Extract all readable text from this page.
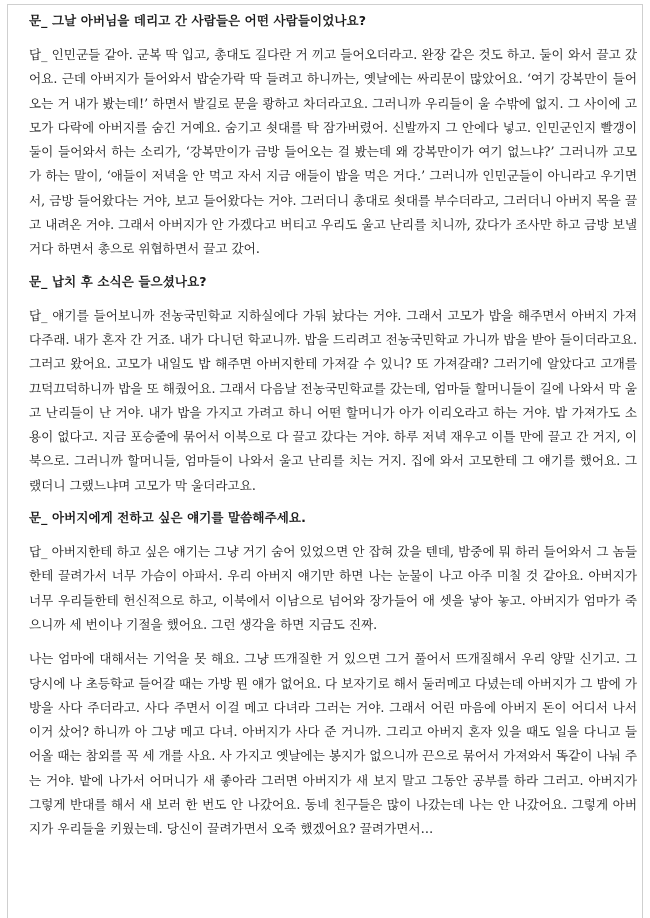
문_ 그날 아버님을 데리고 간 사람들은 어떤 사람들이었나요?

답_ 인민군들 같아. 군복 딱 입고, 총대도 길다란 거 끼고 들어오더라고. 완장 같은 것도 하고. 둘이 와서 끌고 갔어요. 근데 아버지가 들어와서 밥숟가락 딱 들려고 하니까는, 옛날에는 싸리문이 많았어요. ‘여기 강복만이 들어오는 거 내가 봤는데!’ 하면서 발길로 문을 쾅하고 차더라고요. 그러니까 우리들이 울 수밖에 없지. 그 사이에 고모가 다락에 아버지를 숨긴 거예요. 숨기고 쇳대를 탁 잠가버렸어. 신발까지 그 안에다 넣고. 인민군인지 빨갱이 둘이 들어와서 하는 소리가, ‘강복만이가 금방 들어오는 걸 봤는데 왜 강복만이가 여기 없느냐?’ 그러니까 고모가 하는 말이, ‘애들이 저녁을 안 먹고 자서 지금 애들이 밥을 먹은 거다.’ 그러니까 인민군들이 아니라고 우기면서, 금방 들어왔다는 거야, 보고 들어왔다는 거야. 그러더니 총대로 쇳대를 부수더라고, 그러더니 아버지 목을 끌고 내려온 거야. 그래서 아버지가 안 가겠다고 버티고 우리도 울고 난리를 치니까, 갔다가 조사만 하고 금방 보낼 거다 하면서 총으로 위협하면서 끌고 갔어.

문_ 납치 후 소식은 들으셨나요?

답_ 얘기를 들어보니까 전농국민학교 지하실에다 가둬 놨다는 거야. 그래서 고모가 밥을 해주면서 아버지 가져다주래. 내가 혼자 간 거죠. 내가 다니던 학교니까. 밥을 드리려고 전농국민학교 가니까 밥을 받아 들이더라고요. 그러고 왔어요. 고모가 내일도 밥 해주면 아버지한테 가져갈 수 있니? 또 가져갈래? 그러기에 알았다고 고개를 끄덕끄덕하니까 밥을 또 해줬어요. 그래서 다음날 전농국민학교를 갔는데, 엄마들 할머니들이 길에 나와서 막 울고 난리들이 난 거야. 내가 밥을 가지고 가려고 하니 어떤 할머니가 아가 이리오라고 하는 거야. 밥 가져가도 소용이 없다고. 지금 포승줄에 묶어서 이북으로 다 끌고 갔다는 거야. 하루 저녁 재우고 이틀 만에 끌고 간 거지, 이북으로. 그러니까 할머니들, 엄마들이 나와서 울고 난리를 치는 거지. 집에 와서 고모한테 그 얘기를 했어요. 그랬더니 그랬느냐며 고모가 막 울더라고요.

문_ 아버지에게 전하고 싶은 얘기를 말씀해주세요.

답_ 아버지한테 하고 싶은 얘기는 그냥 거기 숨어 있었으면 안 잡혀 갔을 텐데, 밤중에 뭐 하러 들어와서 그 놈들한테 끌려가서 너무 가슴이 아파서. 우리 아버지 얘기만 하면 나는 눈물이 나고 아주 미칠 것 같아요. 아버지가 너무 우리들한테 헌신적으로 하고, 이북에서 이남으로 넘어와 장가들어 애 셋을 낳아 놓고. 아버지가 엄마가 죽으니까 세 번이나 기절을 했어요. 그런 생각을 하면 지금도 진짜.

나는 엄마에 대해서는 기억을 못 해요. 그냥 뜨개질한 거 있으면 그거 풀어서 뜨개질해서 우리 양말 신기고. 그 당시에 나 초등학교 들어갈 때는 가방 뭔 얘가 없어요. 다 보자기로 해서 둘러메고 다녔는데 아버지가 그 밤에 가방을 사다 주더라고. 사다 주면서 이걸 메고 다녀라 그러는 거야. 그래서 어린 마음에 아버지 돈이 어디서 나서 이거 샀어? 하니까 아 그냥 메고 다녀. 아버지가 사다 준 거니까. 그리고 아버지 혼자 있을 때도 일을 다니고 들어올 때는 참외를 꼭 세 개를 사요. 사 가지고 옛날에는 봉지가 없으니까 끈으로 묶어서 가져와서 똑같이 나눠 주는 거야. 밭에 나가서 어머니가 새 좋아라 그러면 아버지가 새 보지 말고 그동안 공부를 하라 그러고. 아버지가 그렇게 반대를 해서 새 보러 한 번도 안 나갔어요. 동네 친구들은 많이 나갔는데 나는 안 나갔어요. 그렇게 아버지가 우리들을 키웠는데. 당신이 끌려가면서 오죽 했겠어요? 끌려가면서…
